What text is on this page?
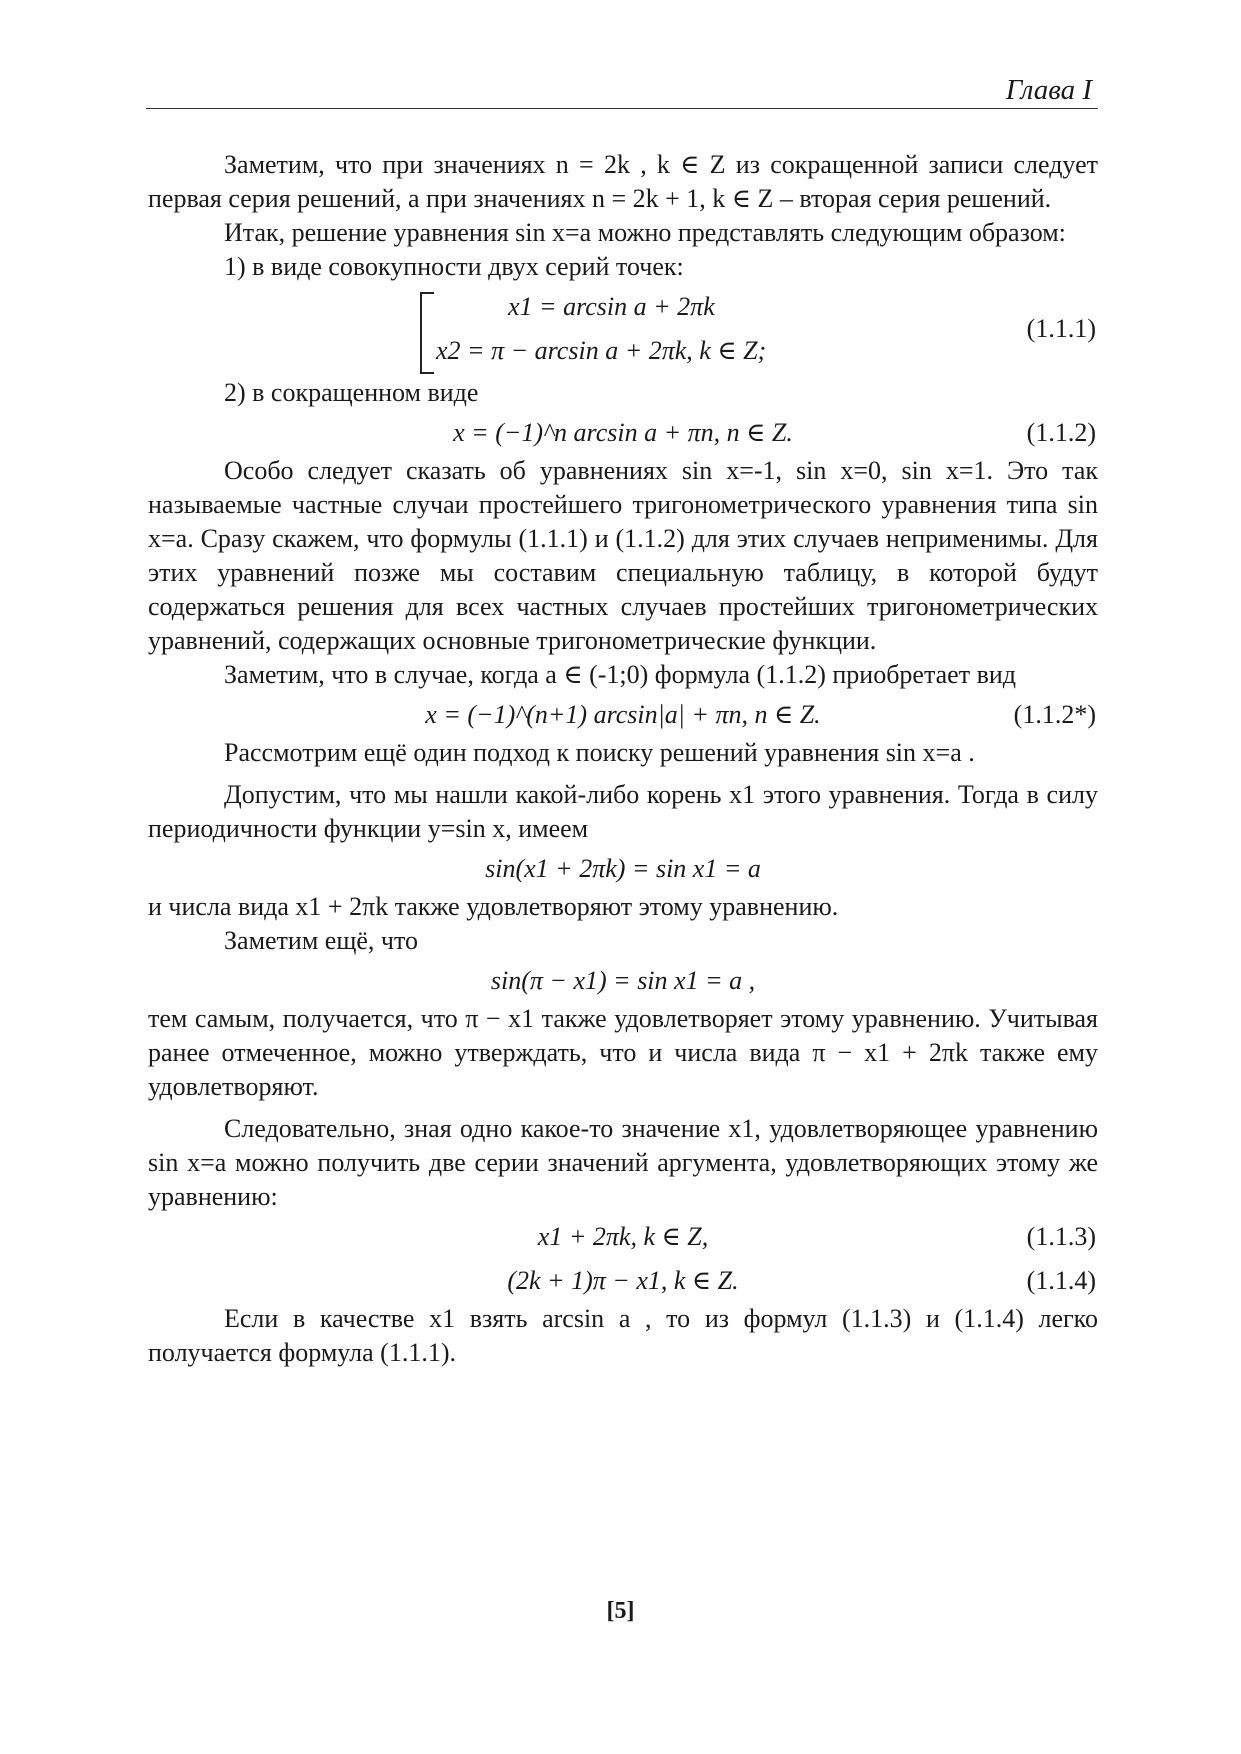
Глава I

Заметим, что при значениях n = 2k , k ∈ Z из сокращенной записи следует первая серия решений, а при значениях n = 2k + 1, k ∈ Z – вторая серия решений.

Итак, решение уравнения sin x=a можно представлять следующим образом:

1) в виде совокупности двух серий точек:

x1 = arcsin a + 2πk
x2 = π − arcsin a + 2πk, k ∈ Z;
(1.1.1)

2) в сокращенном виде

x = (−1)^n arcsin a + πn, n ∈ Z.	(1.1.2)

Особо следует сказать об уравнениях sin x=-1, sin x=0, sin x=1. Это так называемые частные случаи простейшего тригонометрического уравнения типа sin x=a. Сразу скажем, что формулы (1.1.1) и (1.1.2) для этих случаев неприменимы. Для этих уравнений позже мы составим специальную таблицу, в которой будут содержаться решения для всех частных случаев простейших тригонометрических уравнений, содержащих основные тригонометрические функции.

Заметим, что в случае, когда a ∈ (-1;0) формула (1.1.2) приобретает вид

x = (−1)^(n+1) arcsin|a| + πn, n ∈ Z.	(1.1.2*)

Рассмотрим ещё один подход к поиску решений уравнения sin x=a .

Допустим, что мы нашли какой-либо корень x1 этого уравнения. Тогда в силу периодичности функции y=sin x, имеем

sin(x1 + 2πk) = sin x1 = a

и числа вида x1 + 2πk также удовлетворяют этому уравнению.

Заметим ещё, что

sin(π − x1) = sin x1 = a ,

тем самым, получается, что π − x1 также удовлетворяет этому уравнению. Учитывая ранее отмеченное, можно утверждать, что и числа вида π − x1 + 2πk также ему удовлетворяют.

Следовательно, зная одно какое-то значение x1, удовлетворяющее уравнению sin x=a можно получить две серии значений аргумента, удовлетворяющих этому же уравнению:

x1 + 2πk, k ∈ Z,	(1.1.3)
(2k + 1)π − x1, k ∈ Z.	(1.1.4)

Если в качестве x1 взять arcsin a , то из формул (1.1.3) и (1.1.4) легко получается формула (1.1.1).

[5]
